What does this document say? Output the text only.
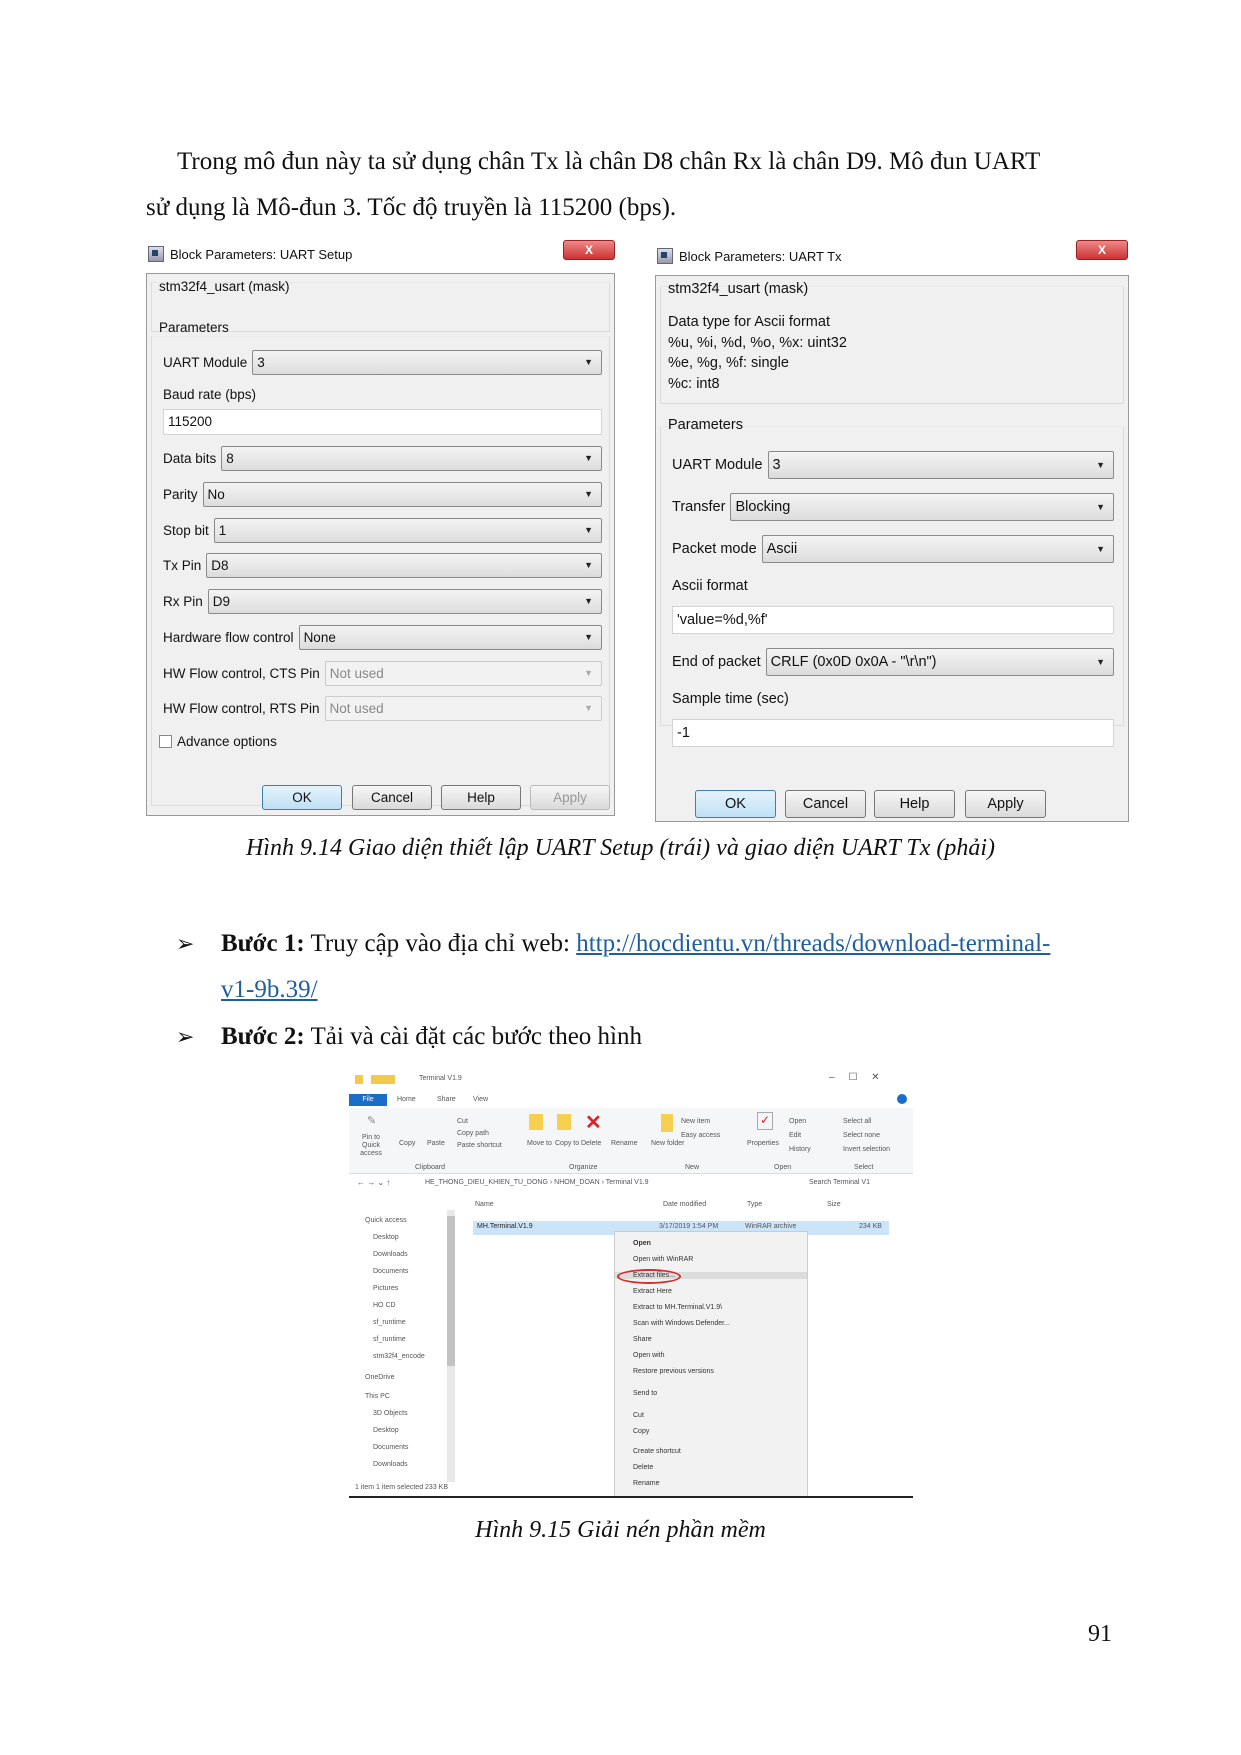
Trong mô đun này ta sử dụng chân Tx là chân D8 chân Rx là chân D9. Mô đun UART
sử dụng là Mô-đun 3. Tốc độ truyền là 115200 (bps).
Block Parameters: UART Setup	X
stm32f4_usart (mask)
Parameters
UART Module 3 ▼
Baud rate (bps)
115200
Data bits 8 ▼
Parity No ▼
Stop bit 1 ▼
Tx Pin D8 ▼
Rx Pin D9 ▼
Hardware flow control None ▼
HW Flow control, CTS Pin Not used ▼
HW Flow control, RTS Pin Not used ▼
Advance options
OK	Cancel	Help	Apply
Block Parameters: UART Tx	X
stm32f4_usart (mask)
Data type for Ascii format
%u, %i, %d, %o, %x: uint32
%e, %g, %f: single
%c: int8
Parameters
UART Module 3 ▼
Transfer Blocking ▼
Packet mode Ascii ▼
Ascii format
'value=%d,%f'
End of packet CRLF (0x0D 0x0A - "\r\n") ▼
Sample time (sec)
-1
OK	Cancel	Help	Apply
Hình 9.14 Giao diện thiết lập UART Setup (trái) và giao diện UART Tx (phải)
➢ Bước 1: Truy cập vào địa chỉ web: http://hocdientu.vn/threads/download-terminal-
v1-9b.39/
➢ Bước 2: Tải và cài đặt các bước theo hình
Terminal V1.9	–     ☐     ✕
File	Home	Share View
✎	✕	✓
Pin to Quick access
Copy Paste
Cut
Copy path
Paste shortcut	Move to Copy to Delete Rename New folder
New item
Easy access
Properties
Open
Edit
History
Select all
Select none
Invert selection
Clipboard	Organize	New	Open	Select
← → ⌄ ↑	HE_THONG_DIEU_KHIEN_TU_DONG › NHOM_DOAN › Terminal V1.9	Search Terminal V1
Name	Date modified	Type	Size
MH.Terminal.V1.9	3/17/2019 1:54 PM	WinRAR archive	234 KB
Quick access
Desktop
Downloads
Documents
Pictures
HO CD
sf_runtime
sf_runtime
stm32f4_encode
OneDrive
This PC
3D Objects
Desktop
Documents
Downloads
Open
Open with WinRAR
Extract files...
Extract Here
Extract to MH.Terminal.V1.9\
Scan with Windows Defender...
Share
Open with
Restore previous versions
Send to
Cut
Copy
Create shortcut
Delete
Rename
1 item 1 item selected 233 KB
Hình 9.15 Giải nén phần mềm
91
